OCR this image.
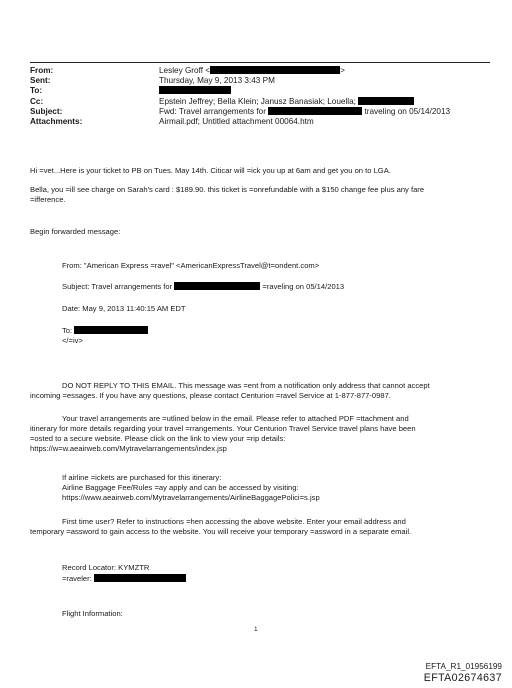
From:	Lesley Groff <	>
Sent:	Thursday, May 9, 2013 3:43 PM
To:
Cc:	Epstein Jeffrey; Bella Klein; Janusz Banasiak; Louella;
Subject:	Fwd: Travel arrangements for	traveling on 05/14/2013
Attachments:	Airmail.pdf; Untitled attachment 00064.htm
Hi =vet...Here is your ticket to PB on Tues. May 14th. Citicar will =ick you up at 6am and get you on to LGA.
Bella, you =ill see charge on Sarah's card : $189.90. this ticket is =onrefundable with a $150 change fee plus any fare
=ifference.
Begin forwarded message:
From: "American Express =ravel" <AmericanExpressTravel@t=ondent.com>
Subject: Travel arrangements for	=raveling on 05/14/2013
Date: May 9, 2013 11:40:15 AM EDT
To:
</=iv>
DO NOT REPLY TO THIS EMAIL. This message was =ent from a notification only address that cannot accept
incoming =essages. If you have any questions, please contact Centurion =ravel Service at 1-877-877-0987.
Your travel arrangements are =utlined below in the email. Please refer to attached PDF =ttachment and
itinerary for more details regarding your travel =rrangements. Your Centurion Travel Service travel plans have been
=osted to a secure website. Please click on the link to view your =rip details:
https://w=w.aeairweb.com/Mytravelarrangements/index.jsp
If airline =ickets are purchased for this itinerary:
Airline Baggage Fee/Rules =ay apply and can be accessed by visiting:
https://www.aeairweb.com/Mytravelarrangements/AirlineBaggagePolici=s.jsp
First time user? Refer to instructions =hen accessing the above website. Enter your email address and
temporary =assword to gain access to the website. You will receive your temporary =assword in a separate email.
Record Locator: KYMZTR
=raveler:
Flight Information:
1
EFTA_R1_01956199
EFTA02674637
